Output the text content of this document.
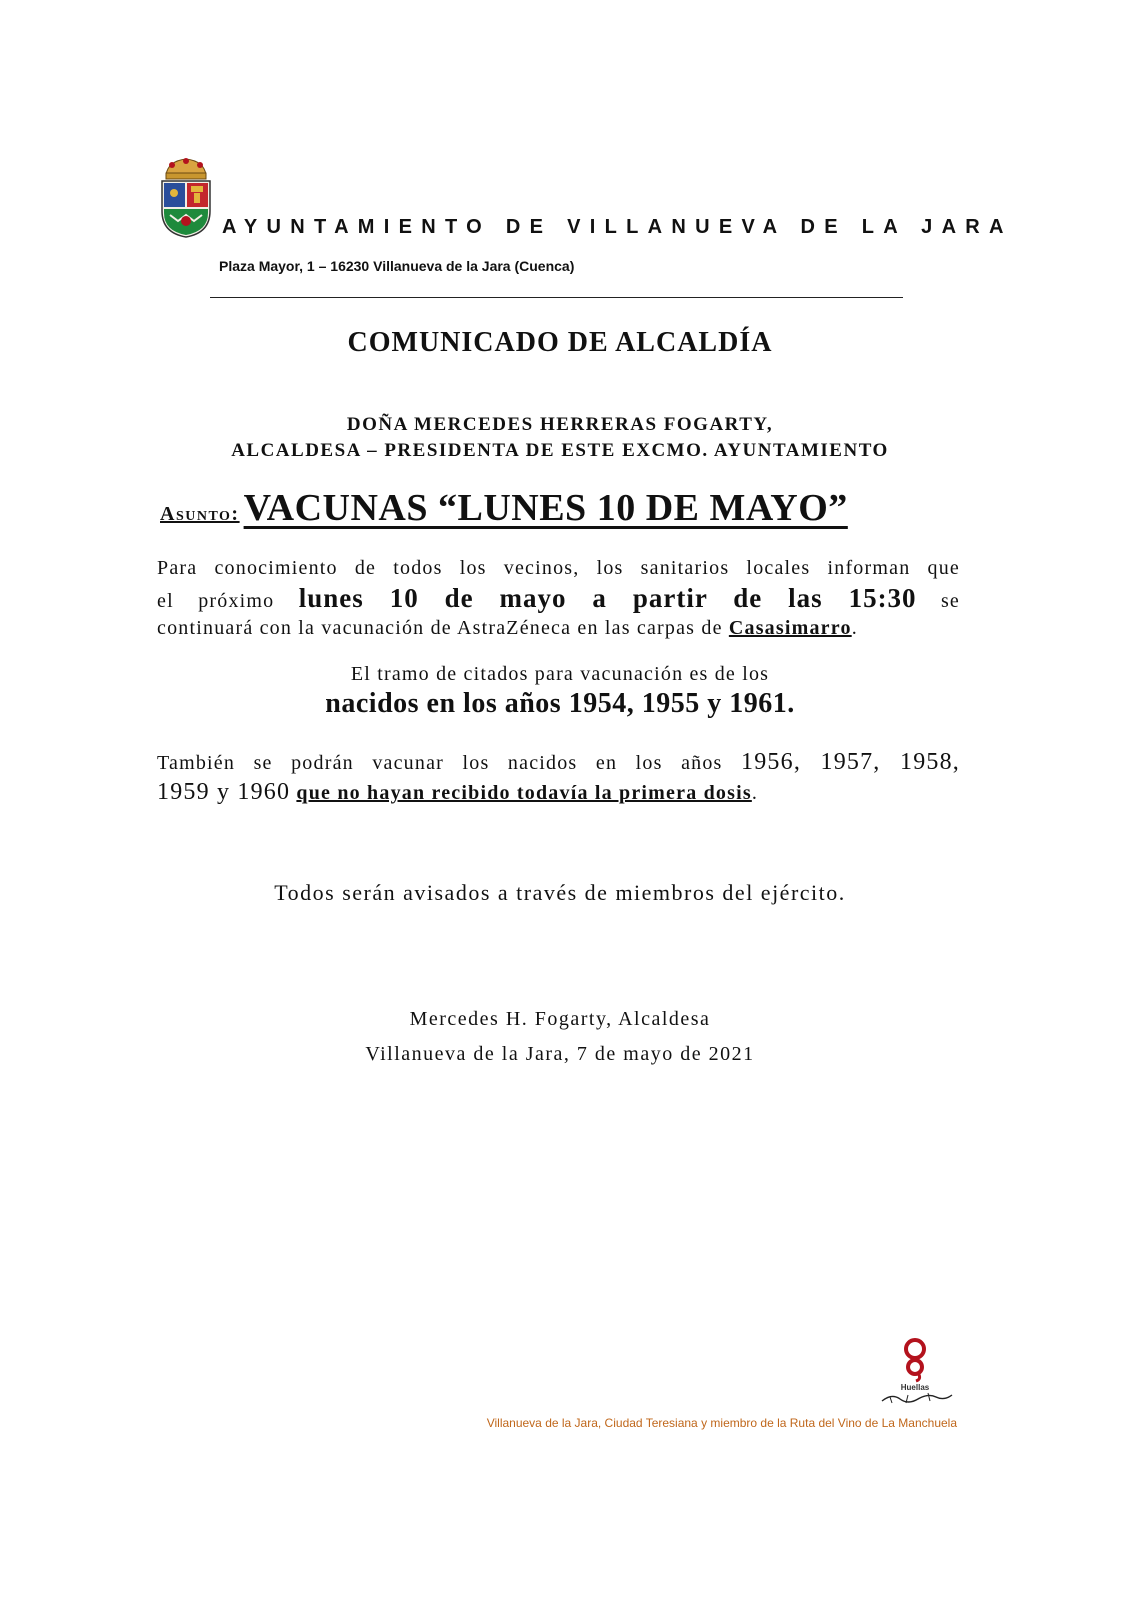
AYUNTAMIENTO DE VILLANUEVA DE LA JARA
Plaza Mayor, 1 – 16230 Villanueva de la Jara (Cuenca)
COMUNICADO DE ALCALDÍA
DOÑA MERCEDES HERRERAS FOGARTY,
ALCALDESA – PRESIDENTA DE ESTE EXCMO. AYUNTAMIENTO
Asunto: VACUNAS “LUNES 10 DE MAYO”
Para conocimiento de todos los vecinos, los sanitarios locales informan que
el próximo lunes 10 de mayo a partir de las 15:30 se
continuará con la vacunación de AstraZéneca en las carpas de Casasimarro.
El tramo de citados para vacunación es de los
nacidos en los años 1954, 1955 y 1961.
También se podrán vacunar los nacidos en los años 1956, 1957, 1958,
1959 y 1960 que no hayan recibido todavía la primera dosis.
Todos serán avisados a través de miembros del ejército.
Mercedes H. Fogarty, Alcaldesa
Villanueva de la Jara, 7 de mayo de 2021
Huellas
Villanueva de la Jara, Ciudad Teresiana y miembro de la Ruta del Vino de La Manchuela
